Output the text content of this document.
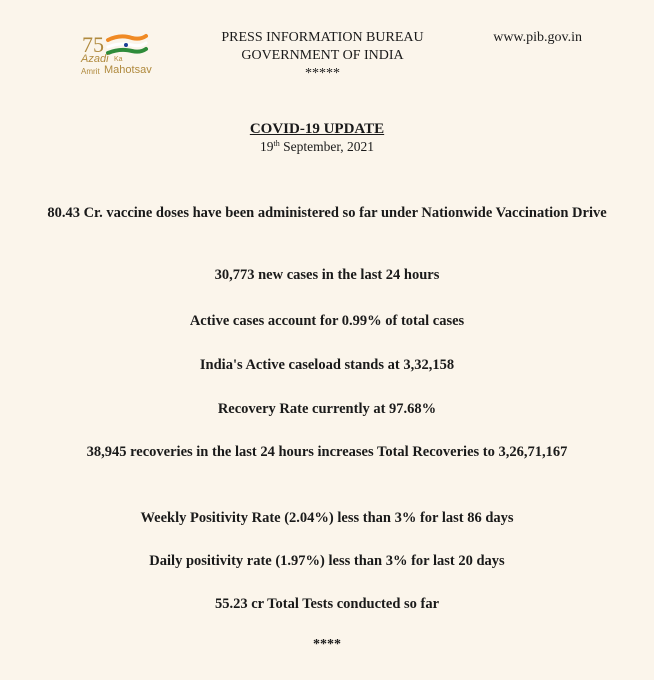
75
Azadi Ka
Amrit Mahotsav
PRESS INFORMATION BUREAU
GOVERNMENT OF INDIA
*****
www.pib.gov.in
COVID-19 UPDATE
19th September, 2021
80.43 Cr. vaccine doses have been administered so far under Nationwide Vaccination Drive
30,773 new cases in the last 24 hours
Active cases account for 0.99% of total cases
India's Active caseload stands at 3,32,158
Recovery Rate currently at 97.68%
38,945 recoveries in the last 24 hours increases Total Recoveries to 3,26,71,167
Weekly Positivity Rate (2.04%) less than 3% for last 86 days
Daily positivity rate (1.97%) less than 3% for last 20 days
55.23 cr Total Tests conducted so far
****
